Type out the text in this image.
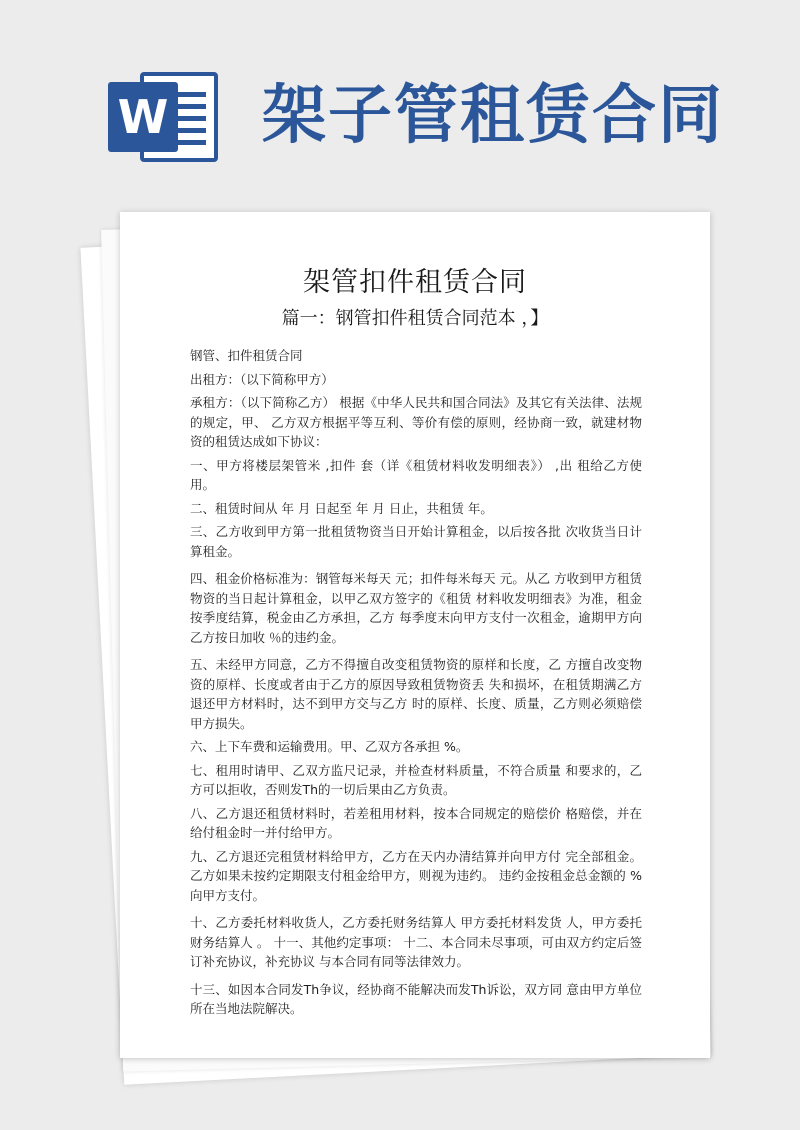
W 架子管租赁合同
架管扣件租赁合同
篇一：钢管扣件租赁合同范本 ，】

钢管、扣件租赁合同

出租方：（以下简称甲方）

承租方：（以下简称乙方） 根据《中华人民共和国合同法》及其它有关法律、法规的规定，甲、 乙方双方根据平等互利、等价有偿的原则，经协商一致，就建材物 资的租赁达成如下协议：

一、甲方将楼层架管米 ,扣件 套（详《租赁材料收发明细表》） ,出 租给乙方使用。

二、租赁时间从 年 月 日起至 年 月 日止，共租赁 年。

三、乙方收到甲方第一批租赁物资当日开始计算租金，以后按各批 次收货当日计算租金。

四、租金价格标准为：钢管每米每天 元；扣件每米每天 元。从乙 方收到甲方租赁物资的当日起计算租金，以甲乙双方签字的《租赁 材料收发明细表》为准，租金按季度结算，税金由乙方承担，乙方 每季度末向甲方支付一次租金，逾期甲方向乙方按日加收 ％的违约金。

五、未经甲方同意，乙方不得擅自改变租赁物资的原样和长度，乙 方擅自改变物资的原样、长度或者由于乙方的原因导致租赁物资丢 失和损坏，在租赁期满乙方退还甲方材料时，达不到甲方交与乙方 时的原样、长度、质量，乙方则必须赔偿甲方损失。

六、上下车费和运输费用。甲、乙双方各承担 %。

七、租用时请甲、乙双方监尺记录，并检查材料质量，不符合质量 和要求的，乙方可以拒收，否则发Th的一切后果由乙方负责。

八、乙方退还租赁材料时，若差租用材料，按本合同规定的赔偿价 格赔偿，并在给付租金时一并付给甲方。

九、乙方退还完租赁材料给甲方，乙方在天内办清结算并向甲方付 完全部租金。乙方如果未按约定期限支付租金给甲方，则视为违约。 违约金按租金总金额的 %向甲方支付。

十、乙方委托材料收货人，乙方委托财务结算人 甲方委托材料发货 人，甲方委托财务结算人 。 十一、其他约定事项： 十二、本合同未尽事项，可由双方约定后签订补充协议，补充协议 与本合同有同等法律效力。

十三、如因本合同发Th争议，经协商不能解决而发Th诉讼，双方同 意由甲方单位所在当地法院解决。
